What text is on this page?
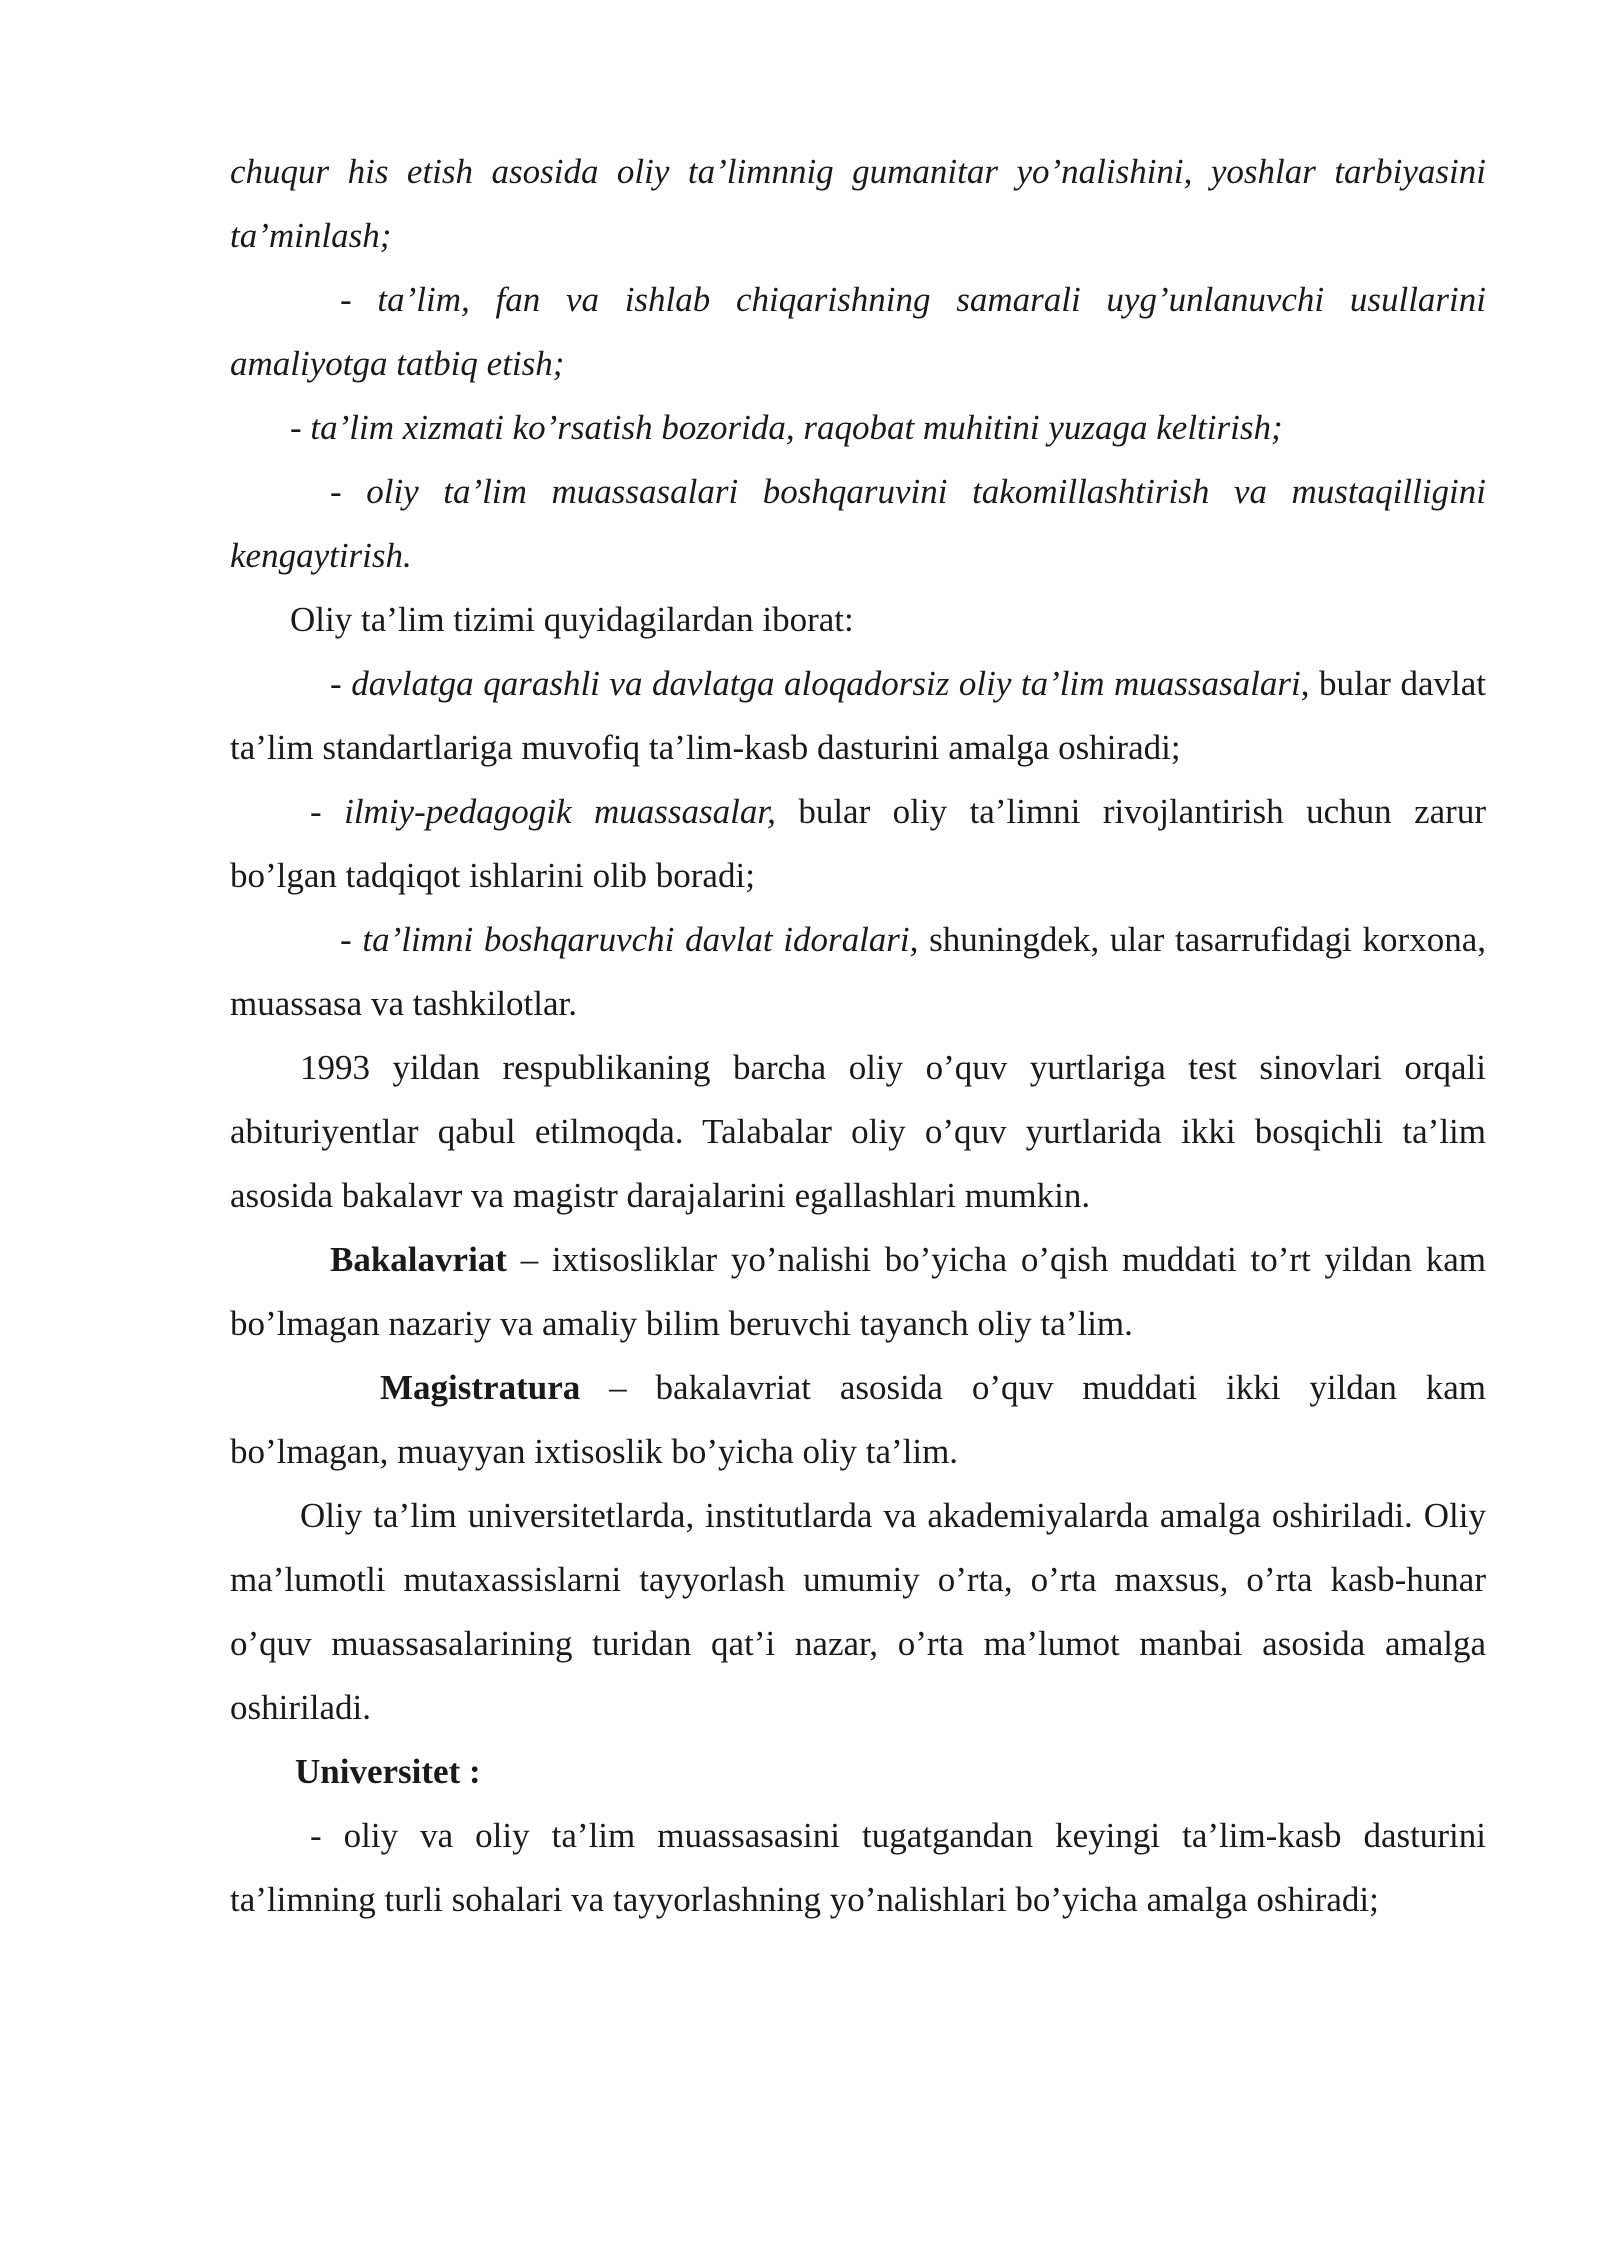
chuqur his etish asosida oliy ta’limnnig gumanitar yo’nalishini, yoshlar tarbiyasini ta’minlash;

- ta’lim, fan va ishlab chiqarishning samarali uyg’unlanuvchi usullarini amaliyotga tatbiq etish;

- ta’lim xizmati ko’rsatish bozorida, raqobat muhitini yuzaga keltirish;

- oliy ta’lim muassasalari boshqaruvini takomillashtirish va mustaqilligini kengaytirish.

Oliy ta’lim tizimi quyidagilardan iborat:

- davlatga qarashli va davlatga aloqadorsiz oliy ta’lim muassasalari, bular davlat ta’lim standartlariga muvofiq ta’lim-kasb dasturini amalga oshiradi;

- ilmiy-pedagogik muassasalar, bular oliy ta’limni rivojlantirish uchun zarur bo’lgan tadqiqot ishlarini olib boradi;

- ta’limni boshqaruvchi davlat idoralari, shuningdek, ular tasarrufidagi korxona, muassasa va tashkilotlar.

1993 yildan respublikaning barcha oliy o’quv yurtlariga test sinovlari orqali abituriyentlar qabul etilmoqda. Talabalar oliy o’quv yurtlarida ikki bosqichli ta’lim asosida bakalavr va magistr darajalarini egallashlari mumkin.

Bakalavriat – ixtisosliklar yo’nalishi bo’yicha o’qish muddati to’rt yildan kam bo’lmagan nazariy va amaliy bilim beruvchi tayanch oliy ta’lim.

Magistratura – bakalavriat asosida o’quv muddati ikki yildan kam bo’lmagan, muayyan ixtisoslik bo’yicha oliy ta’lim.

Oliy ta’lim universitetlarda, institutlarda va akademiyalarda amalga oshiriladi. Oliy ma’lumotli mutaxassislarni tayyorlash umumiy o’rta, o’rta maxsus, o’rta kasb-hunar o’quv muassasalarining turidan qat’i nazar, o’rta ma’lumot manbai asosida amalga oshiriladi.

Universitet :

- oliy va oliy ta’lim muassasasini tugatgandan keyingi ta’lim-kasb dasturini ta’limning turli sohalari va tayyorlashning yo’nalishlari bo’yicha amalga oshiradi;
